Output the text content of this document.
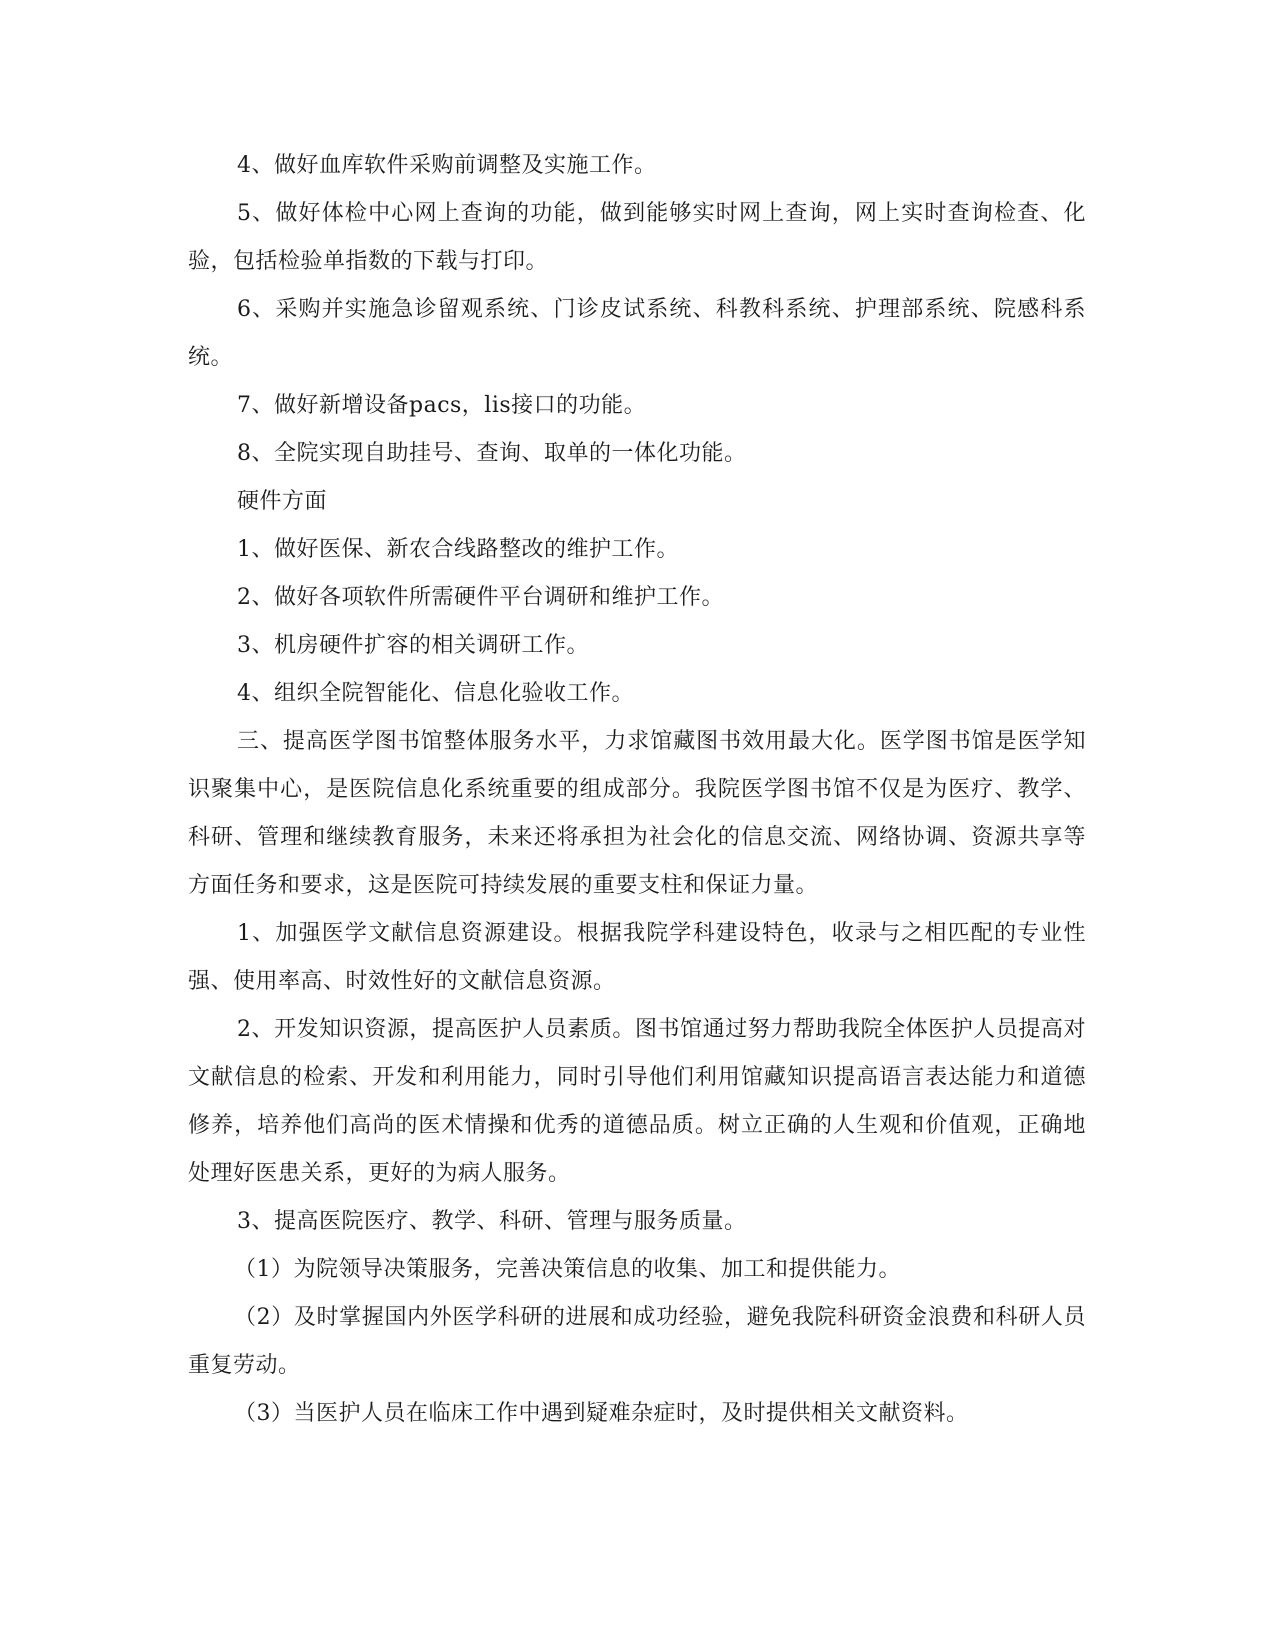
4、做好血库软件采购前调整及实施工作。

5、做好体检中心网上查询的功能，做到能够实时网上查询，网上实时查询检查、化验，包括检验单指数的下载与打印。

6、采购并实施急诊留观系统、门诊皮试系统、科教科系统、护理部系统、院感科系统。

7、做好新增设备pacs，lis接口的功能。

8、全院实现自助挂号、查询、取单的一体化功能。

硬件方面

1、做好医保、新农合线路整改的维护工作。

2、做好各项软件所需硬件平台调研和维护工作。

3、机房硬件扩容的相关调研工作。

4、组织全院智能化、信息化验收工作。

三、提高医学图书馆整体服务水平，力求馆藏图书效用最大化。医学图书馆是医学知识聚集中心，是医院信息化系统重要的组成部分。我院医学图书馆不仅是为医疗、教学、科研、管理和继续教育服务，未来还将承担为社会化的信息交流、网络协调、资源共享等方面任务和要求，这是医院可持续发展的重要支柱和保证力量。

1、加强医学文献信息资源建设。根据我院学科建设特色，收录与之相匹配的专业性强、使用率高、时效性好的文献信息资源。

2、开发知识资源，提高医护人员素质。图书馆通过努力帮助我院全体医护人员提高对文献信息的检索、开发和利用能力，同时引导他们利用馆藏知识提高语言表达能力和道德修养，培养他们高尚的医术情操和优秀的道德品质。树立正确的人生观和价值观，正确地处理好医患关系，更好的为病人服务。

3、提高医院医疗、教学、科研、管理与服务质量。

（1）为院领导决策服务，完善决策信息的收集、加工和提供能力。

（2）及时掌握国内外医学科研的进展和成功经验，避免我院科研资金浪费和科研人员重复劳动。

（3）当医护人员在临床工作中遇到疑难杂症时，及时提供相关文献资料。
